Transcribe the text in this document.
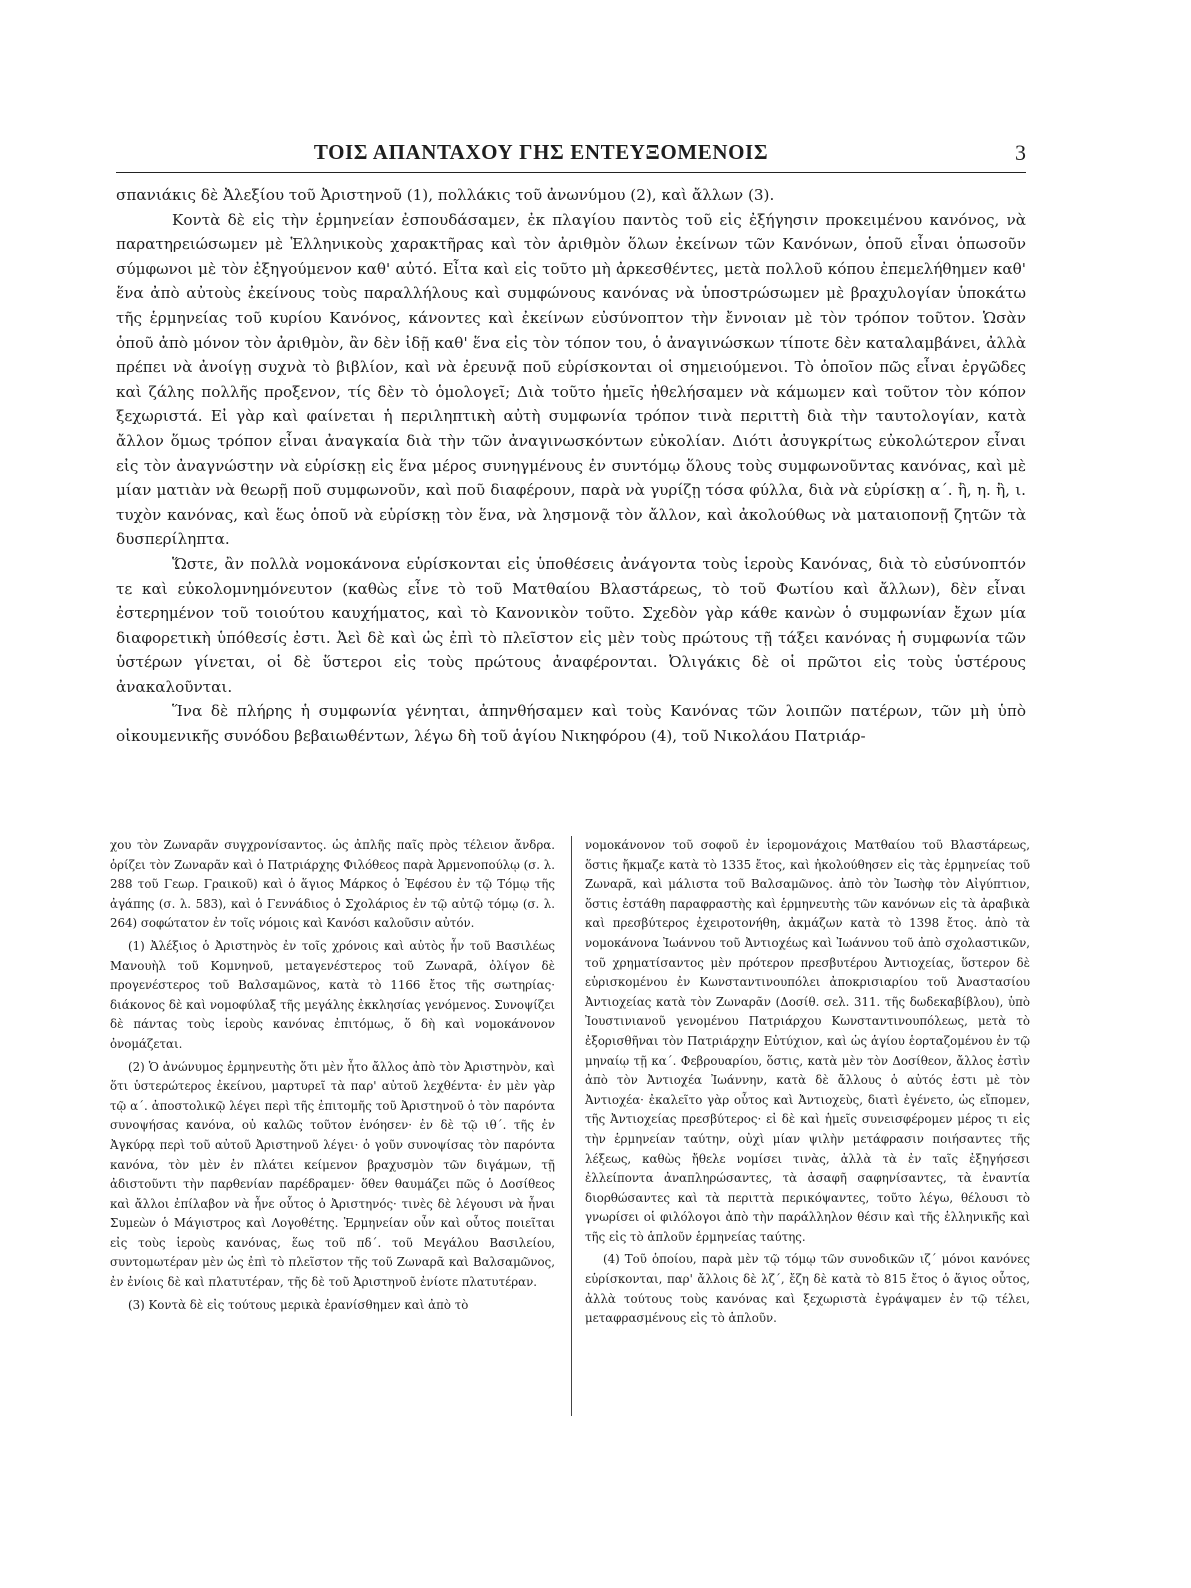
ΤΟΙΣ ΑΠΑΝΤΑΧΟΥ ΓΗΣ ΕΝΤΕΥΞΟΜΕΝΟΙΣ	3

σπανιάκις δὲ Ἀλεξίου τοῦ Ἀριστηνοῦ (1), πολλάκις τοῦ ἀνωνύμου (2), καὶ ἄλλων (3).

Κοντὰ δὲ εἰς τὴν ἑρμηνείαν ἐσπουδάσαμεν, ἐκ πλαγίου παντὸς τοῦ εἰς ἐξήγησιν προκειμένου κανόνος, νὰ παρατηρειώσωμεν μὲ Ἑλληνικοὺς χαρακτῆρας καὶ τὸν ἀριθμὸν ὅλων ἐκείνων τῶν Κανόνων, ὁποῦ εἶναι ὁπωσοῦν σύμφωνοι μὲ τὸν ἐξηγούμενον καθ' αὐτό. Εἶτα καὶ εἰς τοῦτο μὴ ἀρκεσθέντες, μετὰ πολλοῦ κόπου ἐπεμελήθημεν καθ' ἕνα ἀπὸ αὐτοὺς ἐκείνους τοὺς παραλλήλους καὶ συμφώνους κανόνας νὰ ὑποστρώσωμεν μὲ βραχυλογίαν ὑποκάτω τῆς ἑρμηνείας τοῦ κυρίου Κανόνος, κάνοντες καὶ ἐκείνων εὐσύνοπτον τὴν ἔννοιαν μὲ τὸν τρόπον τοῦτον. Ὡσὰν ὁποῦ ἀπὸ μόνον τὸν ἀριθμὸν, ἂν δὲν ἰδῇ καθ' ἕνα εἰς τὸν τόπον του, ὁ ἀναγινώσκων τίποτε δὲν καταλαμβάνει, ἀλλὰ πρέπει νὰ ἀνοίγῃ συχνὰ τὸ βιβλίον, καὶ νὰ ἐρευνᾷ ποῦ εὑρίσκονται οἱ σημειούμενοι. Τὸ ὁποῖον πῶς εἶναι ἐργῶδες καὶ ζάλης πολλῆς προξενον, τίς δὲν τὸ ὁμολογεῖ; Διὰ τοῦτο ἡμεῖς ἠθελήσαμεν νὰ κάμωμεν καὶ τοῦτον τὸν κόπον ξεχωριστά. Εἰ γὰρ καὶ φαίνεται ἡ περιληπτικὴ αὐτὴ συμφωνία τρόπον τινὰ περιττὴ διὰ τὴν ταυτολογίαν, κατὰ ἄλλον ὅμως τρόπον εἶναι ἀναγκαία διὰ τὴν τῶν ἀναγινωσκόντων εὐκολίαν. Διότι ἀσυγκρίτως εὐκολώτερον εἶναι εἰς τὸν ἀναγνώστην νὰ εὑρίσκῃ εἰς ἕνα μέρος συνηγμένους ἐν συντόμῳ ὅλους τοὺς συμφωνοῦντας κανόνας, καὶ μὲ μίαν ματιὰν νὰ θεωρῇ ποῦ συμφωνοῦν, καὶ ποῦ διαφέρουν, παρὰ νὰ γυρίζῃ τόσα φύλλα, διὰ νὰ εὑρίσκῃ α΄. ἢ, η. ἢ, ι. τυχὸν κανόνας, καὶ ἕως ὁποῦ νὰ εὑρίσκῃ τὸν ἕνα, νὰ λησμονᾷ τὸν ἄλλον, καὶ ἀκολούθως νὰ ματαιοπονῇ ζητῶν τὰ δυσπερίληπτα.

Ὥστε, ἂν πολλὰ νομοκάνονα εὑρίσκονται εἰς ὑποθέσεις ἀνάγοντα τοὺς ἱεροὺς Κανόνας, διὰ τὸ εὐσύνοπτόν τε καὶ εὐκολομνημόνευτον (καθὼς εἶνε τὸ τοῦ Ματθαίου Βλαστάρεως, τὸ τοῦ Φωτίου καὶ ἄλλων), δὲν εἶναι ἐστερημένον τοῦ τοιούτου καυχήματος, καὶ τὸ Κανονικὸν τοῦτο. Σχεδὸν γὰρ κάθε κανὼν ὁ συμφωνίαν ἔχων μία διαφορετικὴ ὑπόθεσίς ἐστι. Ἀεὶ δὲ καὶ ὡς ἐπὶ τὸ πλεῖστον εἰς μὲν τοὺς πρώτους τῇ τάξει κανόνας ἡ συμφωνία τῶν ὑστέρων γίνεται, οἱ δὲ ὕστεροι εἰς τοὺς πρώτους ἀναφέρονται. Ὀλιγάκις δὲ οἱ πρῶτοι εἰς τοὺς ὑστέρους ἀνακαλοῦνται.

Ἵνα δὲ πλήρης ἡ συμφωνία γένηται, ἀπηνθήσαμεν καὶ τοὺς Κανόνας τῶν λοιπῶν πατέρων, τῶν μὴ ὑπὸ οἰκουμενικῆς συνόδου βεβαιωθέντων, λέγω δὴ τοῦ ἁγίου Νικηφόρου (4), τοῦ Νικολάου Πατριάρ-

χου τὸν Ζωναρᾶν συγχρονίσαντος. ὡς ἀπλῆς παῖς πρὸς τέλειον ἄνδρα. ὁρίζει τὸν Ζωναρᾶν καὶ ὁ Πατριάρχης Φιλόθεος παρὰ Ἀρμενοπούλῳ (σ. λ. 288 τοῦ Γεωρ. Γραικοῦ) καὶ ὁ ἅγιος Μάρκος ὁ Ἐφέσου ἐν τῷ Τόμῳ τῆς ἀγάπης (σ. λ. 583), καὶ ὁ Γεννάδιος ὁ Σχολάριος ἐν τῷ αὐτῷ τόμῳ (σ. λ. 264) σοφώτατον ἐν τοῖς νόμοις καὶ Κανόσι καλοῦσιν αὐτόν.

(1) Ἀλέξιος ὁ Ἀριστηνὸς ἐν τοῖς χρόνοις καὶ αὐτὸς ἦν τοῦ Βασιλέως Μανουὴλ τοῦ Κομνηνοῦ, μεταγενέστερος τοῦ Ζωναρᾶ, ὀλίγον δὲ προγενέστερος τοῦ Βαλσαμῶνος, κατὰ τὸ 1166 ἔτος τῆς σωτηρίας· διάκονος δὲ καὶ νομοφύλαξ τῆς μεγάλης ἐκκλησίας γενόμενος. Συνοψίζει δὲ πάντας τοὺς ἱεροὺς κανόνας ἐπιτόμως, ὅ δὴ καὶ νομοκάνονον ὀνομάζεται.

(2) Ὁ ἀνώνυμος ἑρμηνευτὴς ὅτι μὲν ἦτο ἄλλος ἀπὸ τὸν Ἀριστηνὸν, καὶ ὅτι ὑστερώτερος ἐκείνου, μαρτυρεῖ τὰ παρ' αὐτοῦ λεχθέντα· ἐν μὲν γὰρ τῷ α΄. ἀποστολικῷ λέγει περὶ τῆς ἐπιτομῆς τοῦ Ἀριστηνοῦ ὁ τὸν παρόντα συνοψήσας κανόνα, οὐ καλῶς τοῦτον ἐνόησεν· ἐν δὲ τῷ ιθ΄. τῆς ἐν Ἀγκύρᾳ περὶ τοῦ αὐτοῦ Ἀριστηνοῦ λέγει· ὁ γοῦν συνοψίσας τὸν παρόντα κανόνα, τὸν μὲν ἐν πλάτει κείμενον βραχυσμὸν τῶν διγάμων, τῇ ἀδιστοῦντι τὴν παρθενίαν παρέδραμεν· ὅθεν θαυμάζει πῶς ὁ Δοσίθεος καὶ ἄλλοι ἐπίλαβον νὰ ἦνε οὗτος ὁ Ἀριστηνός· τινὲς δὲ λέγουσι νὰ ἦναι Συμεὼν ὁ Μάγιστρος καὶ Λογοθέτης. Ἑρμηνείαν οὖν καὶ οὗτος ποιεῖται εἰς τοὺς ἱεροὺς κανόνας, ἕως τοῦ πδ΄. τοῦ Μεγάλου Βασιλείου, συντομωτέραν μὲν ὡς ἐπὶ τὸ πλεῖστον τῆς τοῦ Ζωναρᾶ καὶ Βαλσαμῶνος, ἐν ἐνίοις δὲ καὶ πλατυτέραν, τῆς δὲ τοῦ Ἀριστηνοῦ ἐνίοτε πλατυτέραν.

(3) Κοντὰ δὲ εἰς τούτους μερικὰ ἐρανίσθημεν καὶ ἀπὸ τὸ

νομοκάνονον τοῦ σοφοῦ ἐν ἱερομονάχοις Ματθαίου τοῦ Βλαστάρεως, ὅστις ἤκμαζε κατὰ τὸ 1335 ἔτος, καὶ ἠκολούθησεν εἰς τὰς ἑρμηνείας τοῦ Ζωναρᾶ, καὶ μάλιστα τοῦ Βαλσαμῶνος. ἀπὸ τὸν Ἰωσὴφ τὸν Αἰγύπτιον, ὅστις ἐστάθη παραφραστὴς καὶ ἑρμηνευτὴς τῶν κανόνων εἰς τὰ ἀραβικὰ καὶ πρεσβύτερος ἐχειροτονήθη, ἀκμάζων κατὰ τὸ 1398 ἔτος. ἀπὸ τὰ νομοκάνονα Ἰωάννου τοῦ Ἀντιοχέως καὶ Ἰωάννου τοῦ ἀπὸ σχολαστικῶν, τοῦ χρηματίσαντος μὲν πρότερον πρεσβυτέρου Ἀντιοχείας, ὕστερον δὲ εὑρισκομένου ἐν Κωνσταντινουπόλει ἀποκρισιαρίου τοῦ Ἀναστασίου Ἀντιοχείας κατὰ τὸν Ζωναρᾶν (Δοσίθ. σελ. 311. τῆς δωδεκαβίβλου), ὑπὸ Ἰουστινιανοῦ γενομένου Πατριάρχου Κωνσταντινουπόλεως, μετὰ τὸ ἐξορισθῆναι τὸν Πατριάρχην Εὐτύχιον, καὶ ὡς ἁγίου ἑορταζομένου ἐν τῷ μηναίῳ τῇ κα΄. Φεβρουαρίου, ὅστις, κατὰ μὲν τὸν Δοσίθεον, ἄλλος ἐστὶν ἀπὸ τὸν Ἀντιοχέα Ἰωάννην, κατὰ δὲ ἄλλους ὁ αὐτός ἐστι μὲ τὸν Ἀντιοχέα· ἐκαλεῖτο γὰρ οὗτος καὶ Ἀντιοχεὺς, διατὶ ἐγένετο, ὡς εἴπομεν, τῆς Ἀντιοχείας πρεσβύτερος· εἰ δὲ καὶ ἡμεῖς συνεισφέρομεν μέρος τι εἰς τὴν ἑρμηνείαν ταύτην, οὐχὶ μίαν ψιλὴν μετάφρασιν ποιήσαντες τῆς λέξεως, καθὼς ἤθελε νομίσει τινὰς, ἀλλὰ τὰ ἐν ταῖς ἐξηγήσεσι ἐλλείποντα ἀναπληρώσαντες, τὰ ἀσαφῆ σαφηνίσαντες, τὰ ἐναντία διορθώσαντες καὶ τὰ περιττὰ περικόψαντες, τοῦτο λέγω, θέλουσι τὸ γνωρίσει οἱ φιλόλογοι ἀπὸ τὴν παράλληλον θέσιν καὶ τῆς ἑλληνικῆς καὶ τῆς εἰς τὸ ἁπλοῦν ἑρμηνείας ταύτης.

(4) Τοῦ ὁποίου, παρὰ μὲν τῷ τόμῳ τῶν συνοδικῶν ιζ΄ μόνοι κανόνες εὑρίσκονται, παρ' ἄλλοις δὲ λζ΄, ἔζη δὲ κατὰ τὸ 815 ἔτος ὁ ἅγιος οὗτος, ἀλλὰ τούτους τοὺς κανόνας καὶ ξεχωριστὰ ἐγράψαμεν ἐν τῷ τέλει, μεταφρασμένους εἰς τὸ ἁπλοῦν.
